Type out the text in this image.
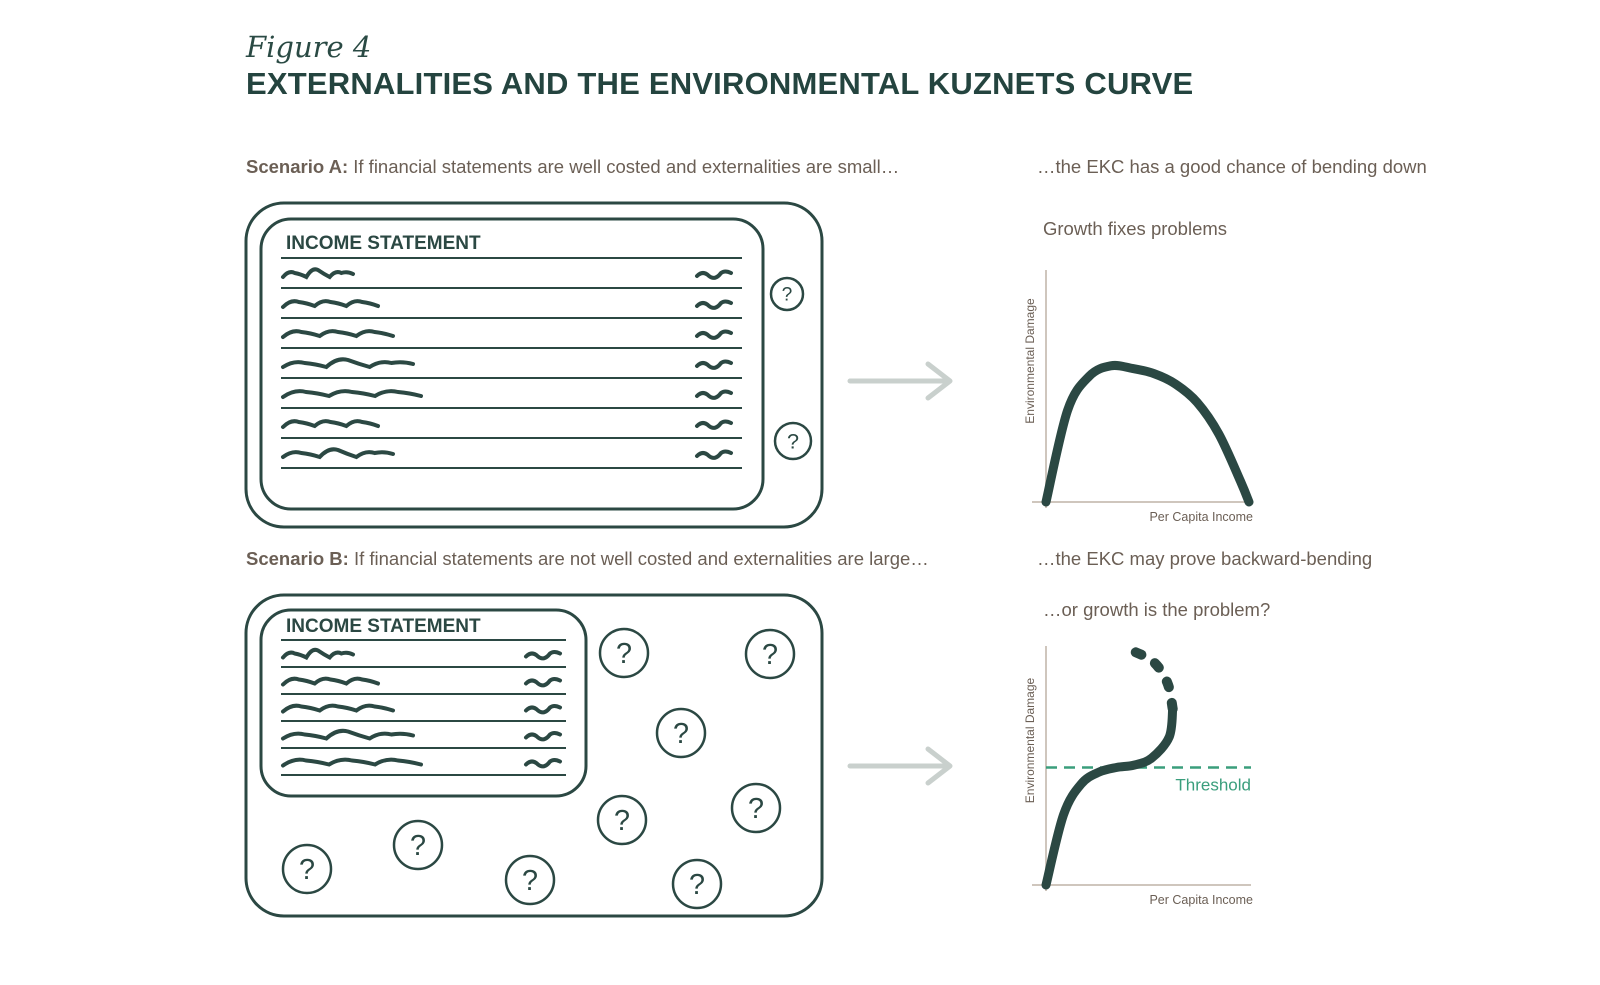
Figure 4
EXTERNALITIES AND THE ENVIRONMENTAL KUZNETS CURVE
Scenario A: If financial statements are well costed and externalities are small…	…the EKC has a good chance of bending down
Growth fixes problems
Scenario B: If financial statements are not well costed and externalities are large…	…the EKC may prove backward-bending
…or growth is the problem?
INCOME STATEMENT
?
?
INCOME STATEMENT
?	?
?
?	?
?
?	?	?
Environmental Damage
Per Capita Income
Threshold
Environmental Damage
Per Capita Income
